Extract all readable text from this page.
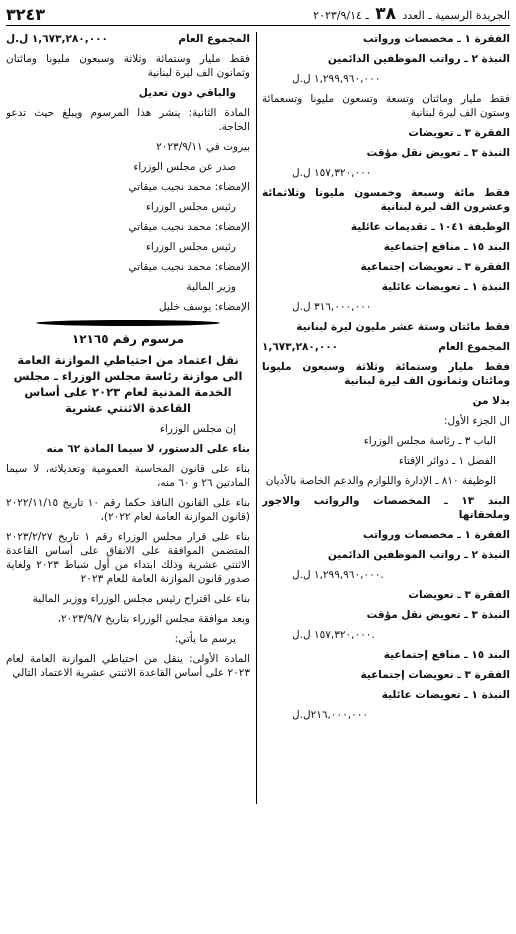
الجريدة الرسمية ـ العدد ٣٨ ـ ٢٠٢٣/٩/١٤
٣٢٤٣
الفقرة ١ ـ مخصصات ورواتب
النبذة ٢ ـ رواتب الموظفين الدائمين
١,٢٩٩,٩٦٠,٠٠٠ ل.ل
فقط مليار ومائتان وتسعة وتسعون مليونا وتسعمائة وستون الف ليرة لبنانية
الفقرة ٣ ـ تعويضات
النبذة ٣ ـ تعويض نقل مؤقت
١٥٧,٣٢٠,٠٠٠ ل.ل
فقط مائة وسبعة وخمسون مليونا وثلاثمائة وعشرون الف ليرة لبنانية
الوظيفة ١٠٤١ ـ تقديمات عائلية
البند ١٥ ـ منافع إجتماعية
الفقرة ٣ ـ تعويضات إجتماعية
النبذة ١ ـ تعويضات عائلية
٣١٦,٠٠٠,٠٠٠ ل.ل
فقط مائتان وستة عشر مليون ليرة لبنانية
المجموع العام
١,٦٧٣,٢٨٠,٠٠٠
فقط مليار وستمائة وثلاثة وسبعون مليونا ومائتان وثمانون الف ليرة لبنانية
بدلا من
ال الجزء الأول:
الباب ٣ ـ رئاسة مجلس الوزراء
الفصل ١ ـ دوائر الإفتاء
الوظيفة ٨١٠ ـ الإدارة واللوازم والدعم الخاصة بالأديان
البند ١٣ ـ المخصصات والرواتب والاجور وملحقاتها
الفقرة ١ ـ مخصصات ورواتب
النبذة ٢ ـ رواتب الموظفين الدائمين
١,٢٩٩,٩٦٠,٠٠٠ ل.ل.
الفقرة ٣ ـ تعويضات
النبذة ٣ ـ تعويض نقل مؤقت
١٥٧,٣٢٠,٠٠٠ ل.ل.
البند ١٥ ـ منافع إجتماعية
الفقرة ٣ ـ تعويضات إجتماعية
النبذة ١ ـ تعويضات عائلية
٢١٦,٠٠٠,٠٠٠ل.ل
المجموع العام
١,٦٧٣,٢٨٠,٠٠٠ ل.ل
فقط مليار وستمائة وثلاثة وسبعون مليونا ومائتان وثمانون الف ليرة لبنانية
والباقي دون تعديل
المادة الثانية: ينشر هذا المرسوم ويبلغ حيث تدعو الحاجة.
بيروت في ٢٠٢٣/٩/١١
صدر عن مجلس الوزراء
الإمضاء: محمد نجيب ميقاتي
رئيس مجلس الوزراء
الإمضاء: محمد نجيب ميقاتي
رئيس مجلس الوزراء
الإمضاء: محمد نجيب ميقاتي
وزير المالية
الإمضاء: يوسف خليل
مرسوم رقم ١٢١٦٥
نقل اعتماد من احتياطي الموازنة العامة الى موازنة رئاسة مجلس الوزراء ـ مجلس الخدمة المدنية لعام ٢٠٢٣ على أساس القاعدة الاثنتي عشرية
إن مجلس الوزراء
بناء على الدستور، لا سيما المادة ٦٢ منه
بناء على قانون المحاسبة العمومية وتعديلاته، لا سيما المادتين ٢٦ و ٦٠ منه،
بناء على القانون النافذ حكما رقم ١٠ تاريخ ٢٠٢٢/١١/١٥ (قانون الموازنة العامة لعام ٢٠٢٢)،
بناء على قرار مجلس الوزراء رقم ١ تاريخ ٢٠٢٣/٢/٢٧ المتضمن الموافقة على الانفاق على أساس القاعدة الاثنتي عشرية وذلك ابتداء من أول شباط ٢٠٢٣ ولغاية صدور قانون الموازنة العامة للعام ٢٠٢٣
بناء على اقتراح رئيس مجلس الوزراء ووزير المالية
وبعد موافقة مجلس الوزراء بتاريخ ٢٠٢٣/٩/٧،
يرسم ما يأتي:
المادة الأولى: ينقل من احتياطي الموازنة العامة لعام ٢٠٢٣ على أساس القاعدة الاثنتي عشرية الاعتماد التالي
